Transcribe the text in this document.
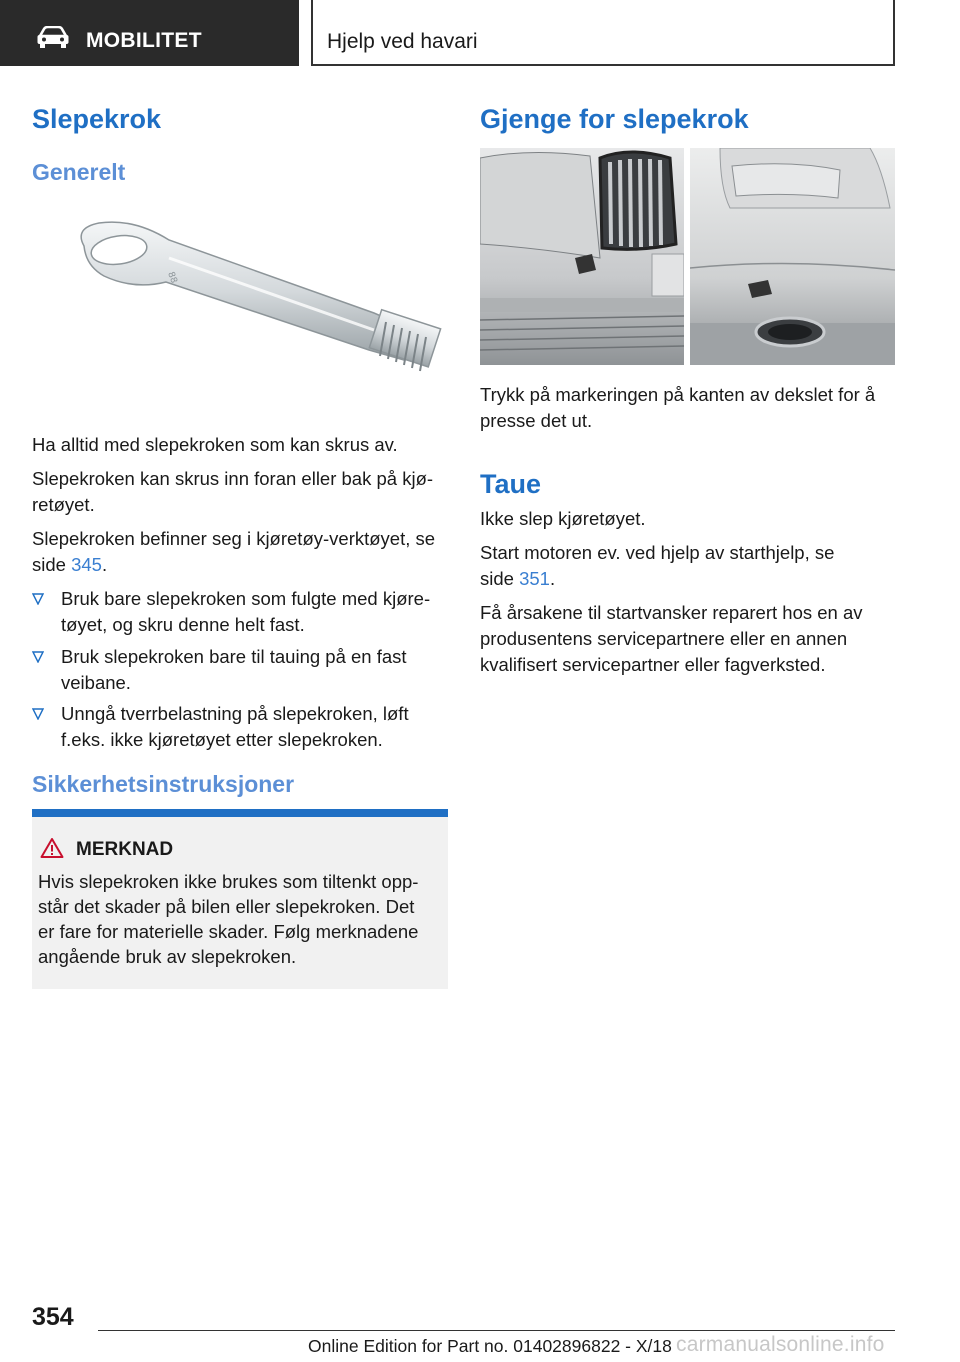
MOBILITET	Hjelp ved havari
Slepekrok
Generelt
88
Ha alltid med slepekroken som kan skrus av.
Slepekroken kan skrus inn foran eller bak på kjø-
retøyet.
Slepekroken befinner seg i kjøretøy-verktøyet, se
side 345.
Bruk bare slepekroken som fulgte med kjøre-
tøyet, og skru denne helt fast.
Bruk slepekroken bare til tauing på en fast
veibane.
Unngå tverrbelastning på slepekroken, løft
f.eks. ikke kjøretøyet etter slepekroken.
Sikkerhetsinstruksjoner
MERKNAD
Hvis slepekroken ikke brukes som tiltenkt opp-
står det skader på bilen eller slepekroken. Det
er fare for materielle skader. Følg merknadene
angående bruk av slepekroken.
Gjenge for slepekrok
Trykk på markeringen på kanten av dekslet for å
presse det ut.
Taue
Ikke slep kjøretøyet.
Start motoren ev. ved hjelp av starthjelp, se
side 351.
Få årsakene til startvansker reparert hos en av
produsentens servicepartnere eller en annen
kvalifisert servicepartner eller fagverksted.
354
Online Edition for Part no. 01402896822 - X/18 carmanualsonline.info
